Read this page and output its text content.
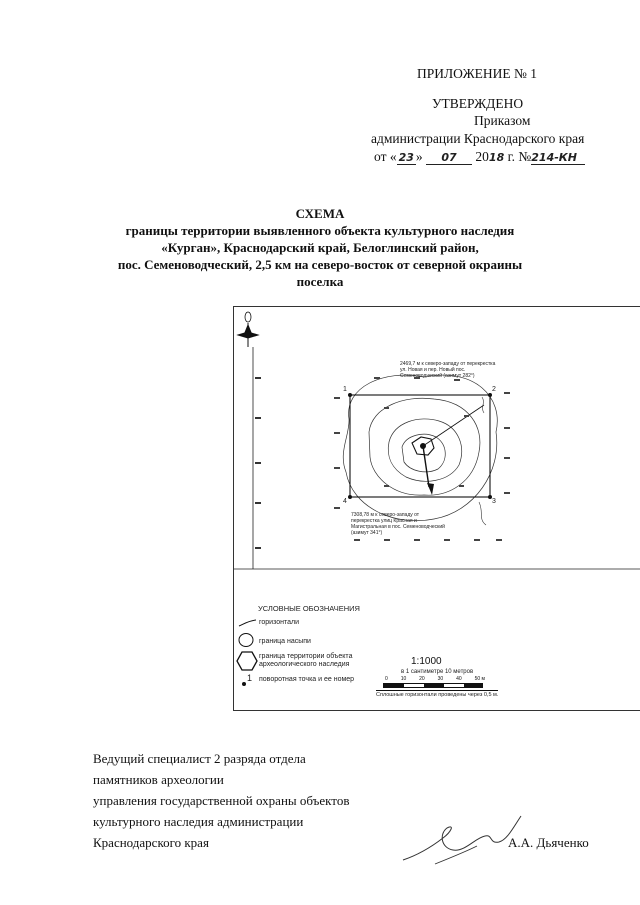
ПРИЛОЖЕНИЕ № 1
УТВЕРЖДЕНО
Приказом
администрации Краснодарского края
от « 23 » 07 2018 г. №214-КН
СХЕМА
границы территории выявленного объекта культурного наследия
«Курган», Краснодарский край, Белоглинский район,
пос. Семеноводческий, 2,5 км на северо-восток от северной окраины
поселка
1	2
3
4
2469,7 м к северо-западу от перекрестка ул. Новая и пер. Новый пос. Семеноводческий (азимут 282°)
7308,78 м к северо-западу от перекрестка улиц Красная и Магистральная в пос. Семеноводческий (азимут 341°)
УСЛОВНЫЕ ОБОЗНАЧЕНИЯ
горизонтали
граница насыпи
граница территории объекта археологического наследия
1 поворотная точка и ее номер
1:1000
в 1 сантиметре 10 метров
0	10	20	30	40	50 м
Сплошные горизонтали проведены через 0,5 м.
Ведущий специалист 2 разряда отдела
памятников археологии
управления государственной охраны объектов
культурного наследия администрации
Краснодарского края	А.А. Дьяченко
